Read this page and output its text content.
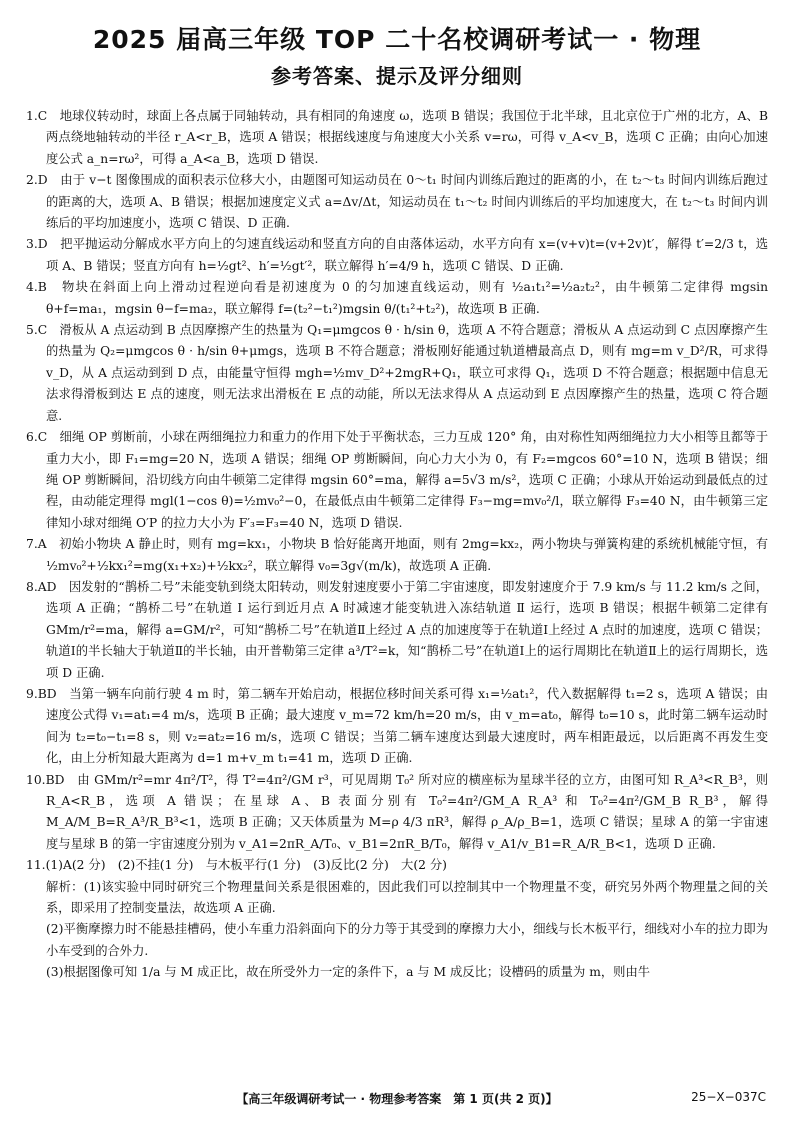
2025 届高三年级 TOP 二十名校调研考试一 · 物理
参考答案、提示及评分细则
1.C　地球仪转动时，球面上各点属于同轴转动，具有相同的角速度 ω，选项 B 错误；我国位于北半球，且北京位于广州的北方，A、B 两点绕地轴转动的半径 r_A<r_B，选项 A 错误；根据线速度与角速度大小关系 v=rω，可得 v_A<v_B，选项 C 正确；由向心加速度公式 a_n=rω²，可得 a_A<a_B，选项 D 错误.
2.D　由于 v−t 图像围成的面积表示位移大小，由题图可知运动员在 0～t₁ 时间内训练后跑过的距离的小，在 t₂～t₃ 时间内训练后跑过的距离的大，选项 A、B 错误；根据加速度定义式 a=Δv/Δt，知运动员在 t₁～t₂ 时间内训练后的平均加速度大，在 t₂～t₃ 时间内训练后的平均加速度小，选项 C 错误、D 正确.
3.D　把平抛运动分解成水平方向上的匀速直线运动和竖直方向的自由落体运动，水平方向有 x=(v+v)t=(v+2v)t′，解得 t′=2/3 t，选项 A、B 错误；竖直方向有 h=½gt²、h′=½gt′²，联立解得 h′=4/9 h，选项 C 错误、D 正确.
4.B　物块在斜面上向上滑动过程逆向看是初速度为 0 的匀加速直线运动，则有 ½a₁t₁²=½a₂t₂²，由牛顿第二定律得 mgsin θ+f=ma₁，mgsin θ−f=ma₂，联立解得 f=(t₂²−t₁²)mgsin θ/(t₁²+t₂²)，故选项 B 正确.
5.C　滑板从 A 点运动到 B 点因摩擦产生的热量为 Q₁=μmgcos θ · h/sin θ，选项 A 不符合题意；滑板从 A 点运动到 C 点因摩擦产生的热量为 Q₂=μmgcos θ · h/sin θ+μmgs，选项 B 不符合题意；滑板刚好能通过轨道槽最高点 D，则有 mg=m v_D²/R，可求得 v_D，从 A 点运动到到 D 点，由能量守恒得 mgh=½mv_D²+2mgR+Q₁，联立可求得 Q₁，选项 D 不符合题意；根据题中信息无法求得滑板到达 E 点的速度，则无法求出滑板在 E 点的动能，所以无法求得从 A 点运动到 E 点因摩擦产生的热量，选项 C 符合题意.
6.C　细绳 OP 剪断前，小球在两细绳拉力和重力的作用下处于平衡状态，三力互成 120° 角，由对称性知两细绳拉力大小相等且都等于重力大小，即 F₁=mg=20 N，选项 A 错误；细绳 OP 剪断瞬间，向心力大小为 0，有 F₂=mgcos 60°=10 N，选项 B 错误；细绳 OP 剪断瞬间，沿切线方向由牛顿第二定律得 mgsin 60°=ma，解得 a=5√3 m/s²，选项 C 正确；小球从开始运动到最低点的过程，由动能定理得 mgl(1−cos θ)=½mv₀²−0，在最低点由牛顿第二定律得 F₃−mg=mv₀²/l，联立解得 F₃=40 N，由牛顿第三定律知小球对细绳 O′P 的拉力大小为 F′₃=F₃=40 N，选项 D 错误.
7.A　初始小物块 A 静止时，则有 mg=kx₁，小物块 B 恰好能离开地面，则有 2mg=kx₂，两小物块与弹簧构建的系统机械能守恒，有 ½mv₀²+½kx₁²=mg(x₁+x₂)+½kx₂²，联立解得 v₀=3g√(m/k)，故选项 A 正确.
8.AD　因发射的“鹊桥二号”未能变轨到绕太阳转动，则发射速度要小于第二宇宙速度，即发射速度介于 7.9 km/s 与 11.2 km/s 之间，选项 A 正确；“鹊桥二号”在轨道 Ⅰ 运行到近月点 A 时减速才能变轨进入冻结轨道 Ⅱ 运行，选项 B 错误；根据牛顿第二定律有 GMm/r²=ma，解得 a=GM/r²，可知“鹊桥二号”在轨道Ⅱ上经过 A 点的加速度等于在轨道Ⅰ上经过 A 点时的加速度，选项 C 错误；轨道Ⅰ的半长轴大于轨道Ⅱ的半长轴，由开普勒第三定律 a³/T²=k，知“鹊桥二号”在轨道Ⅰ上的运行周期比在轨道Ⅱ上的运行周期长，选项 D 正确.
9.BD　当第一辆车向前行驶 4 m 时，第二辆车开始启动，根据位移时间关系可得 x₁=½at₁²，代入数据解得 t₁=2 s，选项 A 错误；由速度公式得 v₁=at₁=4 m/s，选项 B 正确；最大速度 v_m=72 km/h=20 m/s，由 v_m=at₀，解得 t₀=10 s，此时第二辆车运动时间为 t₂=t₀−t₁=8 s，则 v₂=at₂=16 m/s，选项 C 错误；当第二辆车速度达到最大速度时，两车相距最远，以后距离不再发生变化，由上分析知最大距离为 d=1 m+v_m t₁=41 m，选项 D 正确.
10.BD　由 GMm/r²=mr 4π²/T²，得 T²=4π²/GM r³，可见周期 T₀² 所对应的横座标为星球半径的立方，由图可知 R_A³<R_B³，则 R_A<R_B，选项 A 错误；在星球 A、B 表面分别有 T₀²=4π²/GM_A R_A³ 和 T₀²=4π²/GM_B R_B³，解得 M_A/M_B=R_A³/R_B³<1，选项 B 正确；又天体质量为 M=ρ 4/3 πR³，解得 ρ_A/ρ_B=1，选项 C 错误；星球 A 的第一宇宙速度与星球 B 的第一宇宙速度分别为 v_A1=2πR_A/T₀、v_B1=2πR_B/T₀，解得 v_A1/v_B1=R_A/R_B<1，选项 D 正确.
11.(1)A(2 分)　(2)不挂(1 分)　与木板平行(1 分)　(3)反比(2 分)　大(2 分)

解析：(1)该实验中同时研究三个物理量间关系是很困难的，因此我们可以控制其中一个物理量不变，研究另外两个物理量之间的关系，即采用了控制变量法，故选项 A 正确.

(2)平衡摩擦力时不能悬挂槽码，使小车重力沿斜面向下的分力等于其受到的摩擦力大小，细线与长木板平行，细线对小车的拉力即为小车受到的合外力.

(3)根据图像可知 1/a 与 M 成正比，故在所受外力一定的条件下，a 与 M 成反比；设槽码的质量为 m，则由牛

【高三年级调研考试一 · 物理参考答案　第 1 页(共 2 页)】	25−X−037C
